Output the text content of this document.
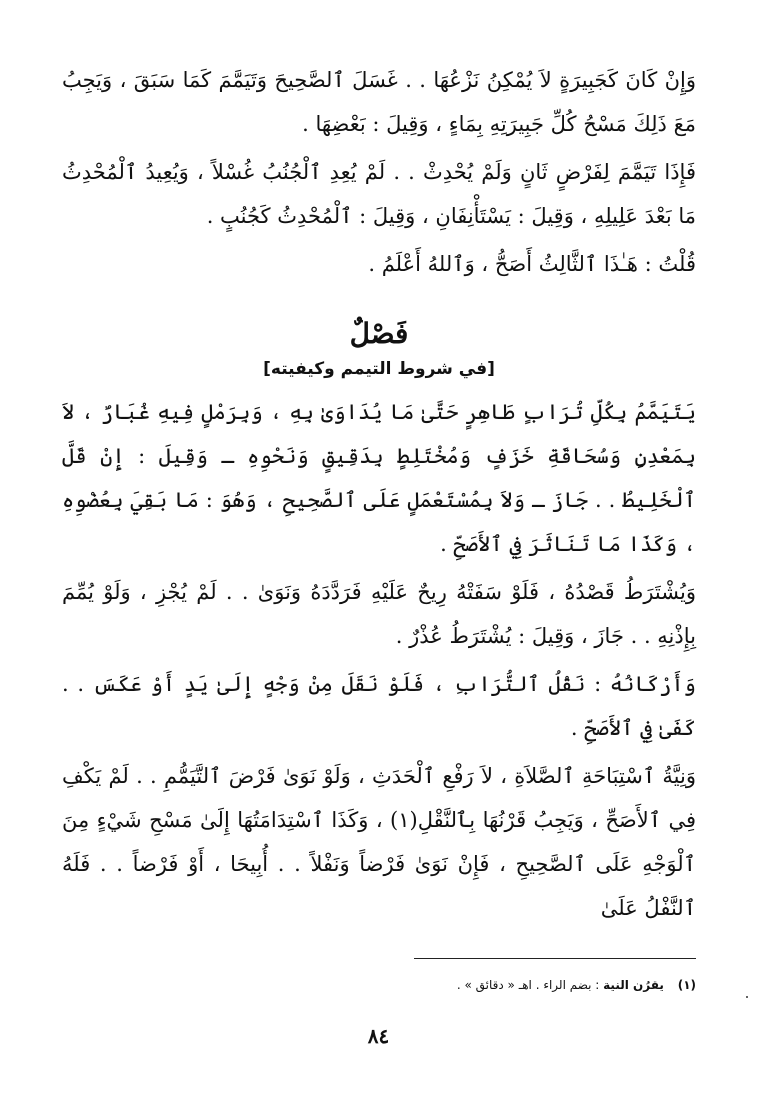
وَإِنْ كَانَ كَجَبِيرَةٍ لاَ يُمْكِنُ نَزْعُهَا . . غَسَلَ ٱلصَّحِيحَ وَتَيَمَّمَ كَمَا سَبَقَ ، وَيَجِبُ مَعَ ذَلِكَ مَسْحُ كُلِّ جَبِيرَتِهِ بِمَاءٍ ، وَقِيلَ : بَعْضِهَا .

فَإِذَا تَيَمَّمَ لِفَرْضٍ ثَانٍ وَلَمْ يُحْدِثْ . . لَمْ يُعِدِ ٱلْجُنُبُ غُسْلاً ، وَيُعِيدُ ٱلْمُحْدِثُ مَا بَعْدَ عَلِيلِهِ ، وَقِيلَ : يَسْتَأْنِفَانِ ، وَقِيلَ : ٱلْمُحْدِثُ كَجُنُبٍ .

قُلْتُ : هَـٰذَا ٱلثَّالِثُ أَصَحُّ ، وَٱللهُ أَعْلَمُ .

فَصْلٌ
[في شروط التيمم وكيفيته]

يَتَيَمَّمُ بِكُلِّ تُرَابٍ طَاهِرٍ حَتَّىٰ مَا يُدَاوَىٰ بِهِ ، وَبِرَمْلٍ فِيهِ غُبَارٌ ، لاَ بِمَعْدِنٍ وَسُحَاقَةِ خَزَفٍ وَمُخْتَلِطٍ بِدَقِيقٍ وَنَحْوِهِ ـ وَقِيلَ : إِنْ قَلَّ ٱلْخَلِيطُ . . جَازَ ـ وَلاَ بِمُسْتَعْمَلٍ عَلَى ٱلصَّحِيحِ ، وَهُوَ : مَا بَقِيَ بِعُضْوِهِ ، وَكَذَا مَا تَنَاثَرَ فِي ٱلأَصَحِّ .

وَيُشْتَرَطُ قَصْدُهُ ، فَلَوْ سَفَتْهُ رِيحٌ عَلَيْهِ فَرَدَّدَهُ وَنَوَىٰ . . لَمْ يُجْزِ ، وَلَوْ يُمِّمَ بِإِذْنِهِ . . جَازَ ، وَقِيلَ : يُشْتَرَطُ عُذْرٌ .

وَأَرْكَانُهُ : نَقْلُ ٱلتُّرَابِ ، فَلَوْ نَقَلَ مِنْ وَجْهٍ إِلَىٰ يَدٍ أَوْ عَكَسَ . . كَفَىٰ فِي ٱلأَصَحِّ .

وَنِيَّةُ ٱسْتِبَاحَةِ ٱلصَّلاَةِ ، لاَ رَفْعِ ٱلْحَدَثِ ، وَلَوْ نَوَىٰ فَرْضَ ٱلتَّيَمُّمِ . . لَمْ يَكْفِ فِي ٱلأَصَحِّ ، وَيَجِبُ قَرْنُهَا بِٱلنَّقْلِ(١) ، وَكَذَا ٱسْتِدَامَتُهَا إِلَىٰ مَسْحِ شَيْءٍ مِنَ ٱلْوَجْهِ عَلَى ٱلصَّحِيحِ ، فَإِنْ نَوَىٰ فَرْضاً وَنَفْلاً . . أُبِيحَا ، أَوْ فَرْضاً . . فَلَهُ ٱلنَّفْلُ عَلَىٰ

(١) يقرُن النية : بضم الراء . اهـ « دقائق » .
٨٤
